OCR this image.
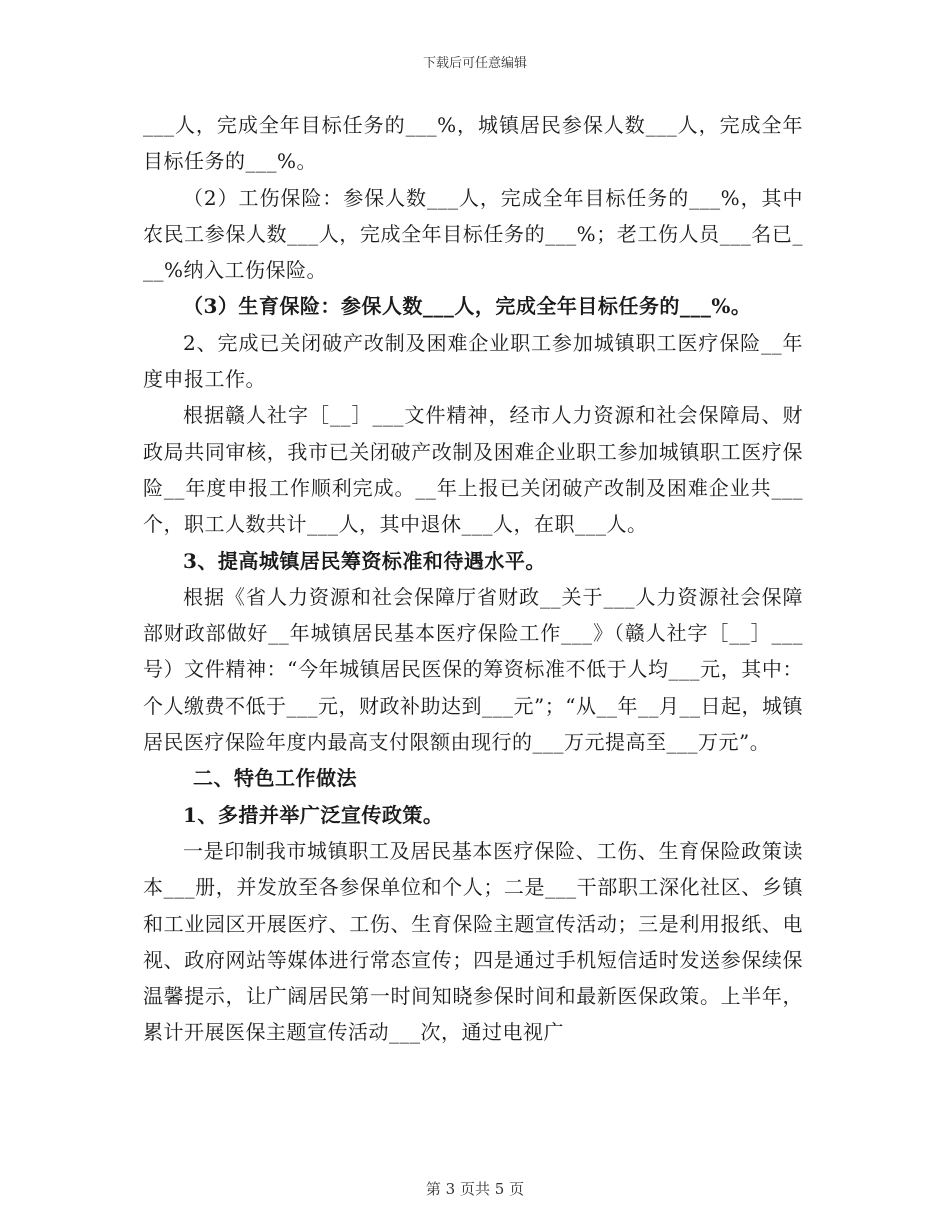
下载后可任意编辑

___人，完成全年目标任务的___%，城镇居民参保人数___人，完成全年目标任务的___%。

（2）工伤保险：参保人数___人，完成全年目标任务的___%，其中农民工参保人数___人，完成全年目标任务的___%；老工伤人员___名已___%纳入工伤保险。

（3）生育保险：参保人数___人，完成全年目标任务的___%。

2、完成已关闭破产改制及困难企业职工参加城镇职工医疗保险__年度申报工作。

根据赣人社字［__］___文件精神，经市人力资源和社会保障局、财政局共同审核，我市已关闭破产改制及困难企业职工参加城镇职工医疗保险__年度申报工作顺利完成。__年上报已关闭破产改制及困难企业共___个，职工人数共计___人，其中退休___人，在职___人。

3、提高城镇居民筹资标准和待遇水平。

根据《省人力资源和社会保障厅省财政__关于___人力资源社会保障部财政部做好__年城镇居民基本医疗保险工作___》（赣人社字［__］___号）文件精神：“今年城镇居民医保的筹资标准不低于人均___元，其中：个人缴费不低于___元，财政补助达到___元”；“从__年__月__日起，城镇居民医疗保险年度内最高支付限额由现行的___万元提高至___万元”。

二、特色工作做法

1、多措并举广泛宣传政策。

一是印制我市城镇职工及居民基本医疗保险、工伤、生育保险政策读本___册，并发放至各参保单位和个人；二是___干部职工深化社区、乡镇和工业园区开展医疗、工伤、生育保险主题宣传活动；三是利用报纸、电视、政府网站等媒体进行常态宣传；四是通过手机短信适时发送参保续保温馨提示，让广阔居民第一时间知晓参保时间和最新医保政策。上半年，累计开展医保主题宣传活动___次，通过电视广

第 3 页共 5 页
